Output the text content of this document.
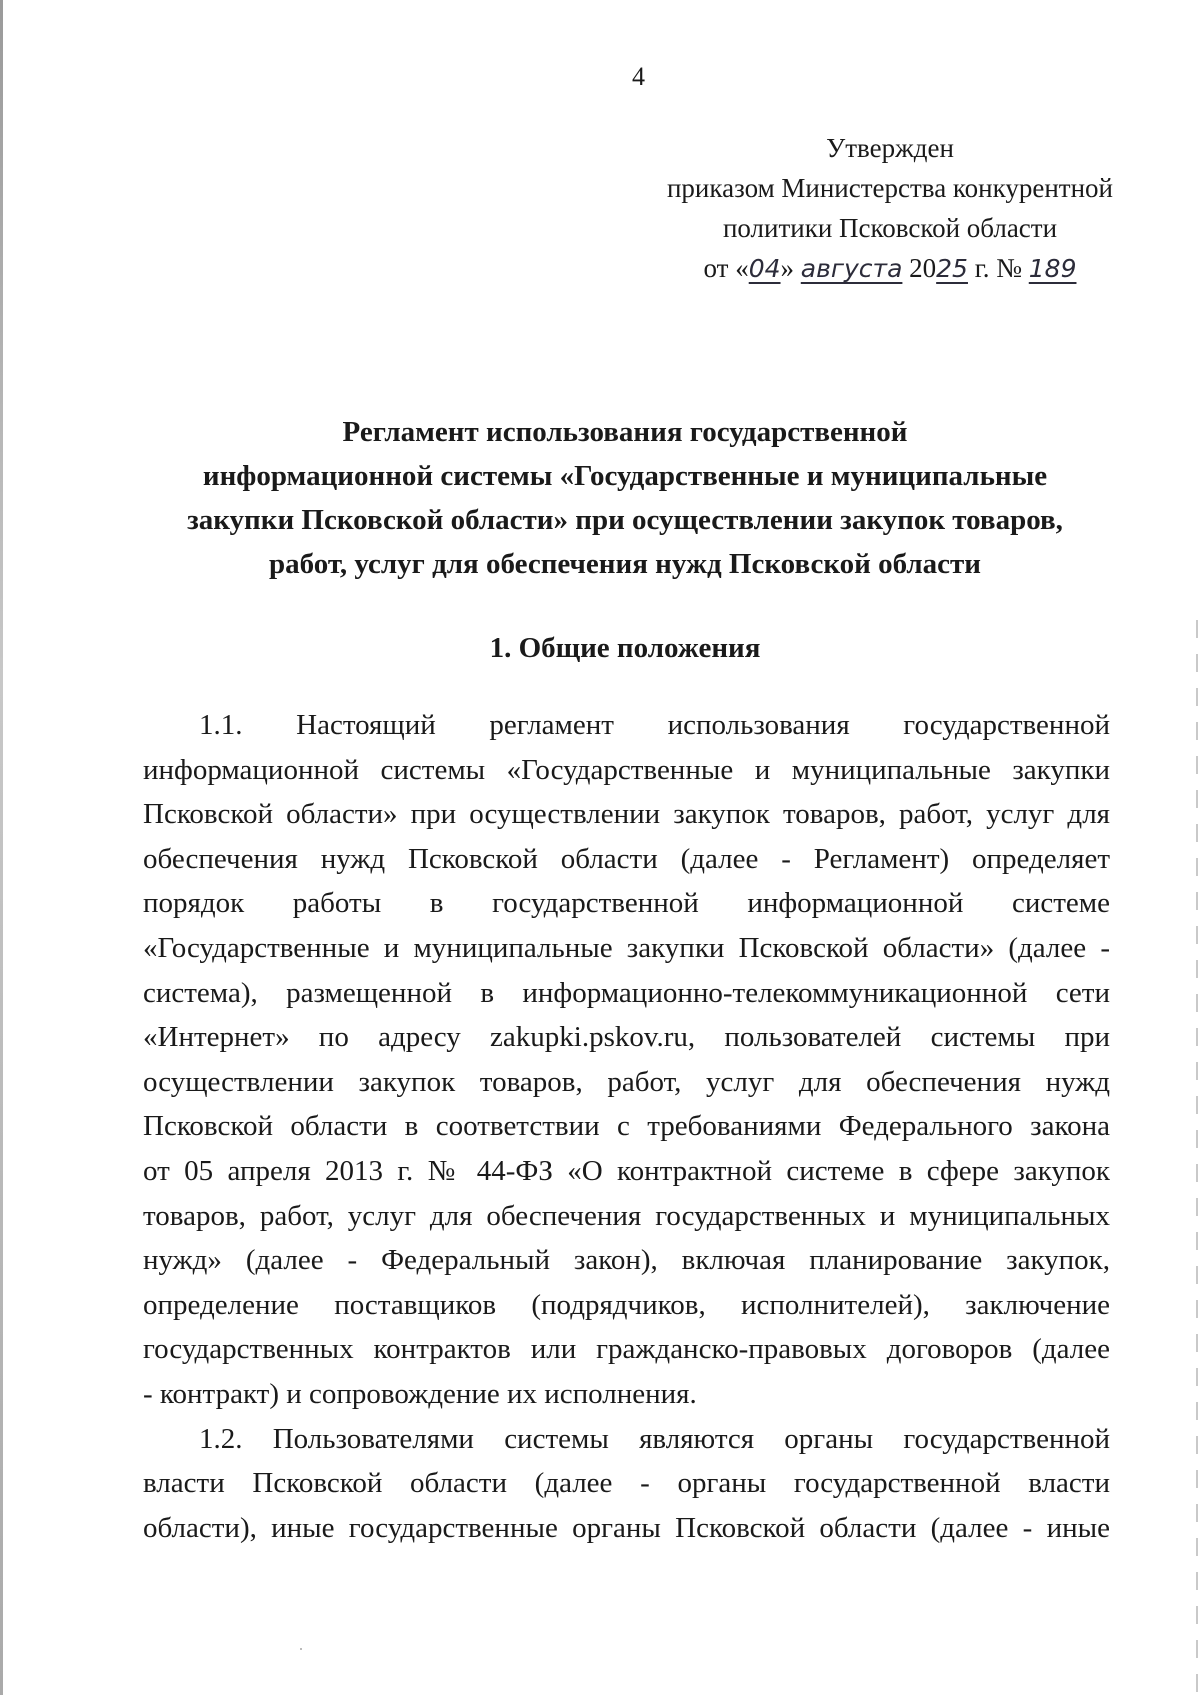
4
Утвержден
приказом Министерства конкурентной
политики Псковской области
от «04» августа 2025 г. № 189
Регламент использования государственной
информационной системы «Государственные и муниципальные
закупки Псковской области» при осуществлении закупок товаров,
работ, услуг для обеспечения нужд Псковской области
1. Общие положения

1.1. Настоящий регламент использования государственной
информационной системы «Государственные и муниципальные закупки
Псковской области» при осуществлении закупок товаров, работ, услуг для
обеспечения нужд Псковской области (далее - Регламент) определяет
порядок работы в государственной информационной системе
«Государственные и муниципальные закупки Псковской области» (далее -
система), размещенной в информационно-телекоммуникационной сети
«Интернет» по адресу zakupki.pskov.ru, пользователей системы при
осуществлении закупок товаров, работ, услуг для обеспечения нужд
Псковской области в соответствии с требованиями Федерального закона
от 05 апреля 2013 г. № 44-ФЗ «О контрактной системе в сфере закупок
товаров, работ, услуг для обеспечения государственных и муниципальных
нужд» (далее - Федеральный закон), включая планирование закупок,
определение поставщиков (подрядчиков, исполнителей), заключение
государственных контрактов или гражданско-правовых договоров (далее
- контракт) и сопровождение их исполнения.

1.2. Пользователями системы являются органы государственной
власти Псковской области (далее - органы государственной власти
области), иные государственные органы Псковской области (далее - иные
